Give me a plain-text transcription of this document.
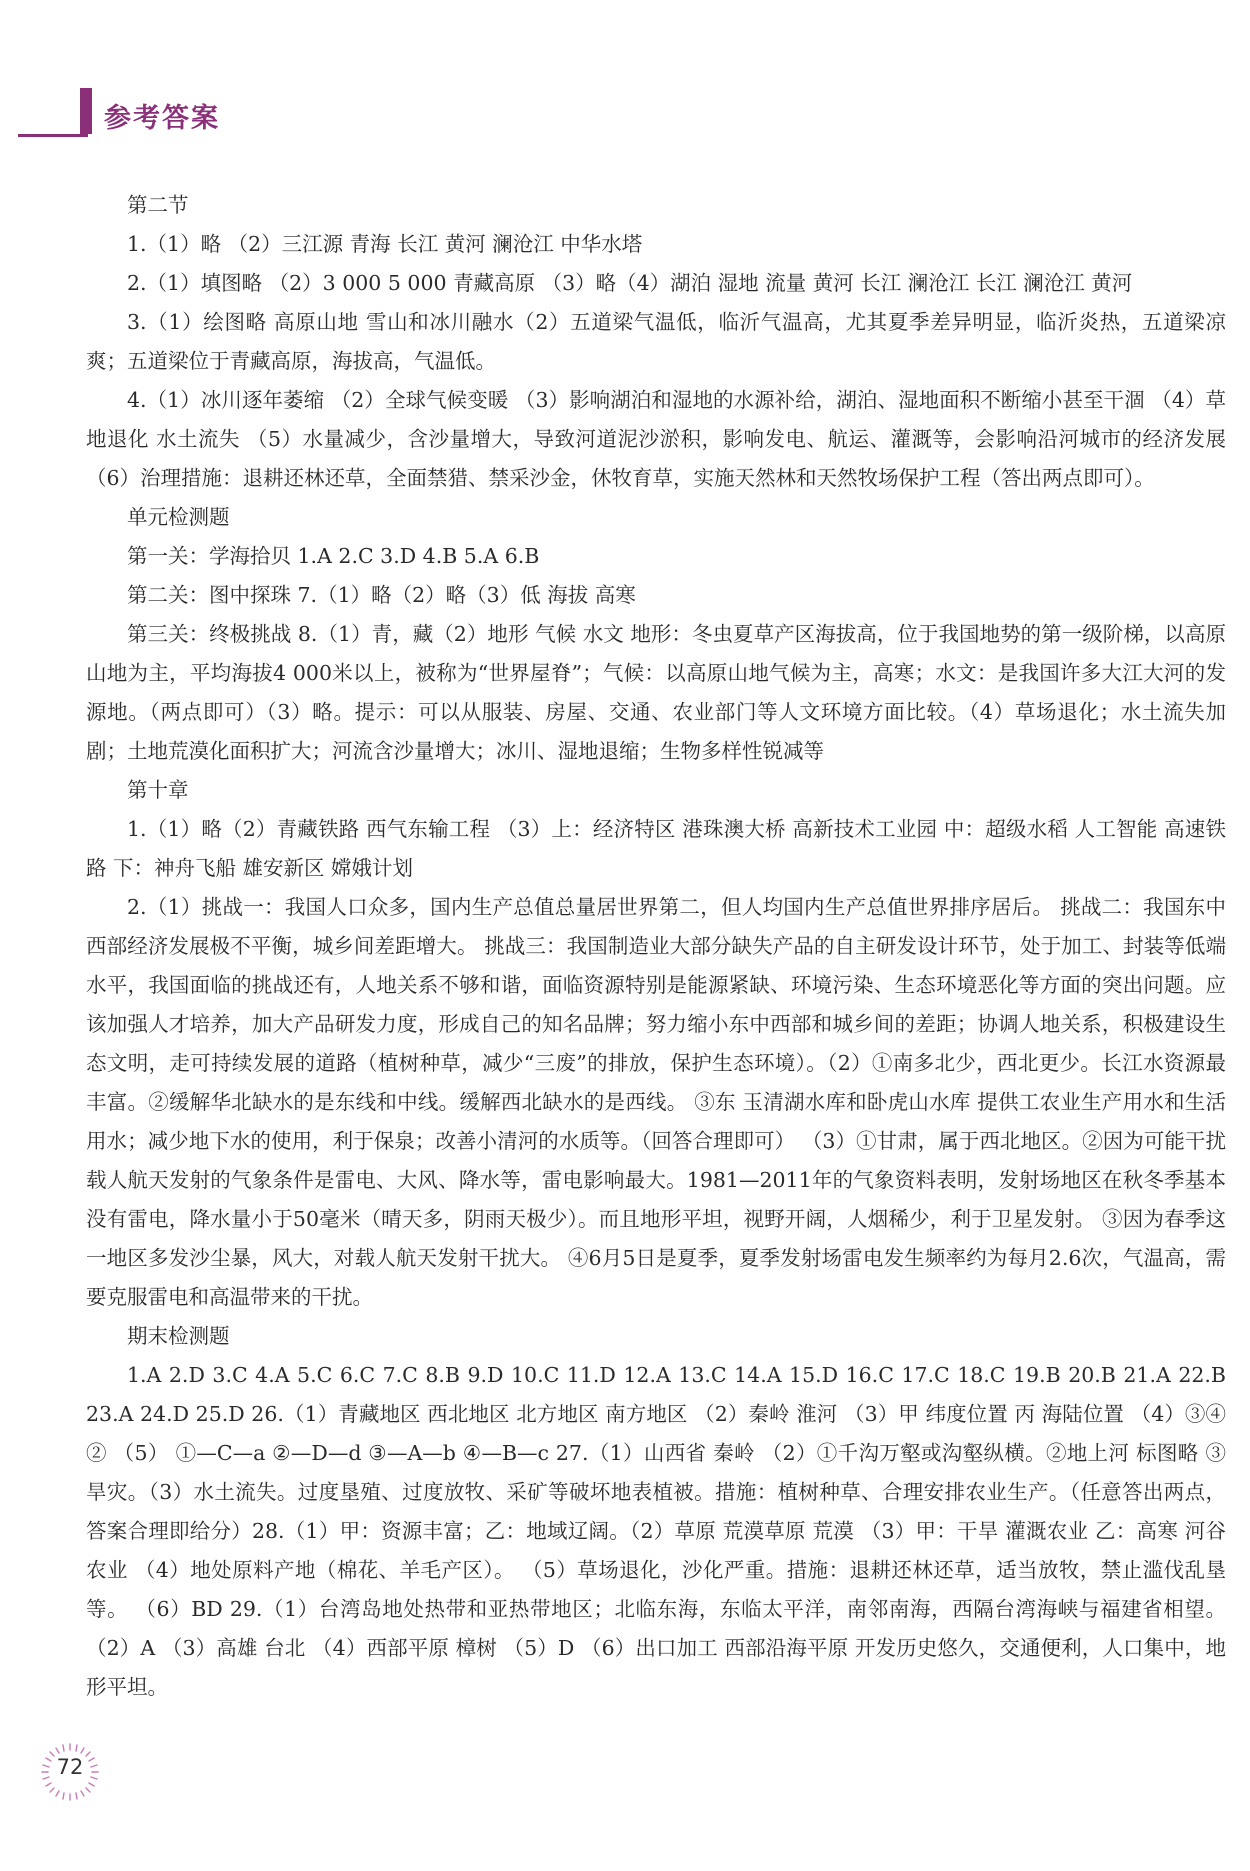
参考答案

第二节

1.（1）略 （2）三江源 青海 长江 黄河 澜沧江 中华水塔

2.（1）填图略 （2）3 000 5 000 青藏高原 （3）略（4）湖泊 湿地 流量 黄河 长江 澜沧江 长江 澜沧江 黄河

3.（1）绘图略 高原山地 雪山和冰川融水（2）五道梁气温低，临沂气温高，尤其夏季差异明显，临沂炎热，五道梁凉爽；五道梁位于青藏高原，海拔高，气温低。

4.（1）冰川逐年萎缩 （2）全球气候变暖 （3）影响湖泊和湿地的水源补给，湖泊、湿地面积不断缩小甚至干涸 （4）草地退化 水土流失 （5）水量减少，含沙量增大，导致河道泥沙淤积，影响发电、航运、灌溉等，会影响沿河城市的经济发展 （6）治理措施：退耕还林还草，全面禁猎、禁采沙金，休牧育草，实施天然林和天然牧场保护工程（答出两点即可）。

单元检测题

第一关：学海拾贝 1.A 2.C 3.D 4.B 5.A 6.B

第二关：图中探珠 7.（1）略（2）略（3）低 海拔 高寒

第三关：终极挑战 8.（1）青，藏（2）地形 气候 水文 地形：冬虫夏草产区海拔高，位于我国地势的第一级阶梯，以高原山地为主，平均海拔4 000米以上，被称为“世界屋脊”；气候：以高原山地气候为主，高寒；水文：是我国许多大江大河的发源地。（两点即可）（3）略。提示：可以从服装、房屋、交通、农业部门等人文环境方面比较。（4）草场退化；水土流失加剧；土地荒漠化面积扩大；河流含沙量增大；冰川、湿地退缩；生物多样性锐减等

第十章

1.（1）略（2）青藏铁路 西气东输工程 （3）上：经济特区 港珠澳大桥 高新技术工业园 中：超级水稻 人工智能 高速铁路 下：神舟飞船 雄安新区 嫦娥计划

2.（1）挑战一：我国人口众多，国内生产总值总量居世界第二，但人均国内生产总值世界排序居后。 挑战二：我国东中西部经济发展极不平衡，城乡间差距增大。 挑战三：我国制造业大部分缺失产品的自主研发设计环节，处于加工、封装等低端水平，我国面临的挑战还有，人地关系不够和谐，面临资源特别是能源紧缺、环境污染、生态环境恶化等方面的突出问题。应该加强人才培养，加大产品研发力度，形成自己的知名品牌；努力缩小东中西部和城乡间的差距；协调人地关系，积极建设生态文明，走可持续发展的道路（植树种草，减少“三废”的排放，保护生态环境）。（2）①南多北少，西北更少。长江水资源最丰富。②缓解华北缺水的是东线和中线。缓解西北缺水的是西线。 ③东 玉清湖水库和卧虎山水库 提供工农业生产用水和生活用水；减少地下水的使用，利于保泉；改善小清河的水质等。（回答合理即可） （3）①甘肃，属于西北地区。②因为可能干扰载人航天发射的气象条件是雷电、大风、降水等，雷电影响最大。1981—2011年的气象资料表明，发射场地区在秋冬季基本没有雷电，降水量小于50毫米（晴天多，阴雨天极少）。而且地形平坦，视野开阔，人烟稀少，利于卫星发射。 ③因为春季这一地区多发沙尘暴，风大，对载人航天发射干扰大。 ④6月5日是夏季，夏季发射场雷电发生频率约为每月2.6次，气温高，需要克服雷电和高温带来的干扰。

期末检测题

1.A 2.D 3.C 4.A 5.C 6.C 7.C 8.B 9.D 10.C 11.D 12.A 13.C 14.A 15.D 16.C 17.C 18.C 19.B 20.B 21.A 22.B 23.A 24.D 25.D 26.（1）青藏地区 西北地区 北方地区 南方地区 （2）秦岭 淮河 （3）甲 纬度位置 丙 海陆位置 （4）③④ ② （5） ①—C—a ②—D—d ③—A—b ④—B—c 27.（1）山西省 秦岭 （2）①千沟万壑或沟壑纵横。②地上河 标图略 ③旱灾。（3）水土流失。过度垦殖、过度放牧、采矿等破坏地表植被。措施：植树种草、合理安排农业生产。（任意答出两点，答案合理即给分）28.（1）甲：资源丰富；乙：地域辽阔。（2）草原 荒漠草原 荒漠 （3）甲：干旱 灌溉农业 乙：高寒 河谷农业 （4）地处原料产地（棉花、羊毛产区）。 （5）草场退化，沙化严重。措施：退耕还林还草，适当放牧，禁止滥伐乱垦等。 （6）BD 29.（1）台湾岛地处热带和亚热带地区；北临东海，东临太平洋，南邻南海，西隔台湾海峡与福建省相望。（2）A （3）高雄 台北 （4）西部平原 樟树 （5）D （6）出口加工 西部沿海平原 开发历史悠久，交通便利，人口集中，地形平坦。

72
